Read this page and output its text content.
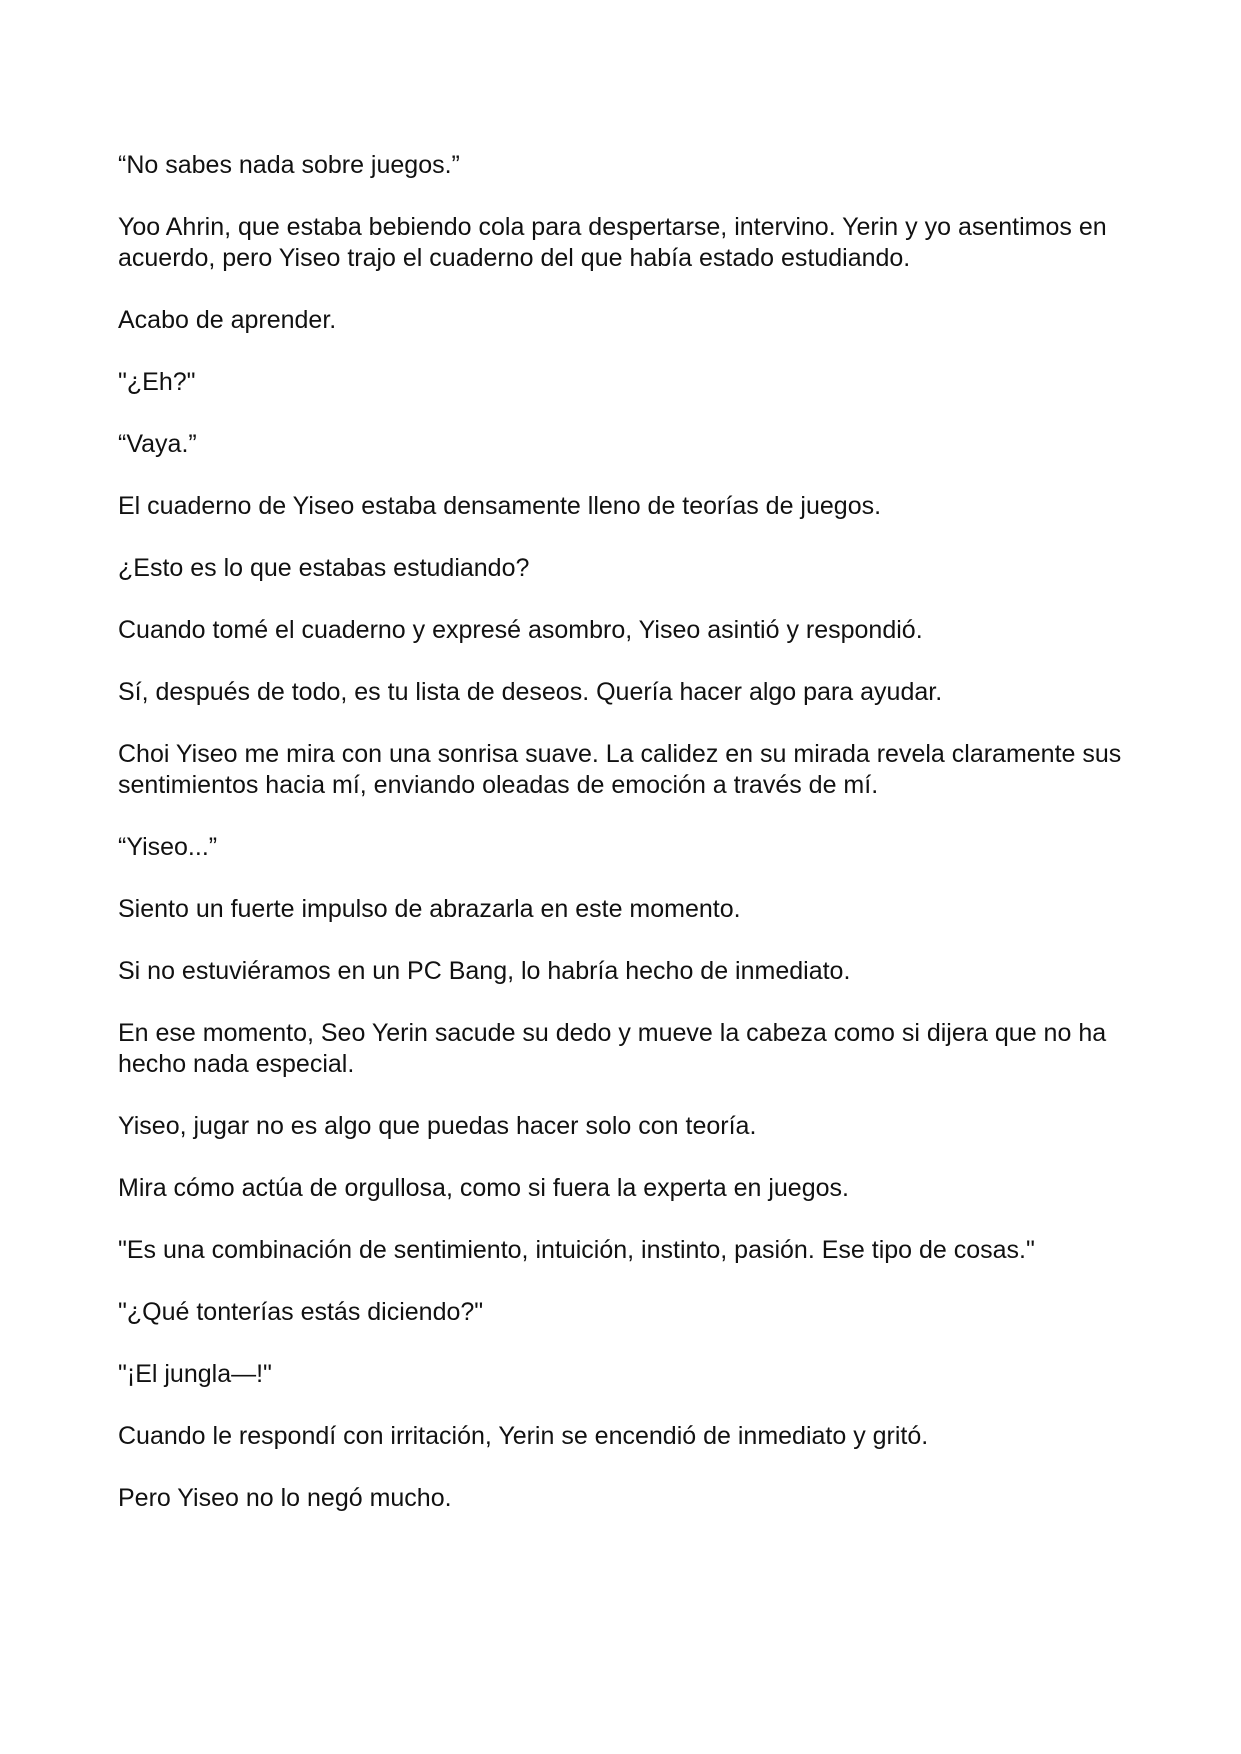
“No sabes nada sobre juegos.”

Yoo Ahrin, que estaba bebiendo cola para despertarse, intervino. Yerin y yo asentimos en acuerdo, pero Yiseo trajo el cuaderno del que había estado estudiando.

Acabo de aprender.

"¿Eh?"

“Vaya.”

El cuaderno de Yiseo estaba densamente lleno de teorías de juegos.

¿Esto es lo que estabas estudiando?

Cuando tomé el cuaderno y expresé asombro, Yiseo asintió y respondió.

Sí, después de todo, es tu lista de deseos. Quería hacer algo para ayudar.

Choi Yiseo me mira con una sonrisa suave. La calidez en su mirada revela claramente sus sentimientos hacia mí, enviando oleadas de emoción a través de mí.

“Yiseo...”

Siento un fuerte impulso de abrazarla en este momento.

Si no estuviéramos en un PC Bang, lo habría hecho de inmediato.

En ese momento, Seo Yerin sacude su dedo y mueve la cabeza como si dijera que no ha hecho nada especial.

Yiseo, jugar no es algo que puedas hacer solo con teoría.

Mira cómo actúa de orgullosa, como si fuera la experta en juegos.

"Es una combinación de sentimiento, intuición, instinto, pasión. Ese tipo de cosas."

"¿Qué tonterías estás diciendo?"

"¡El jungla—!"

Cuando le respondí con irritación, Yerin se encendió de inmediato y gritó.

Pero Yiseo no lo negó mucho.
